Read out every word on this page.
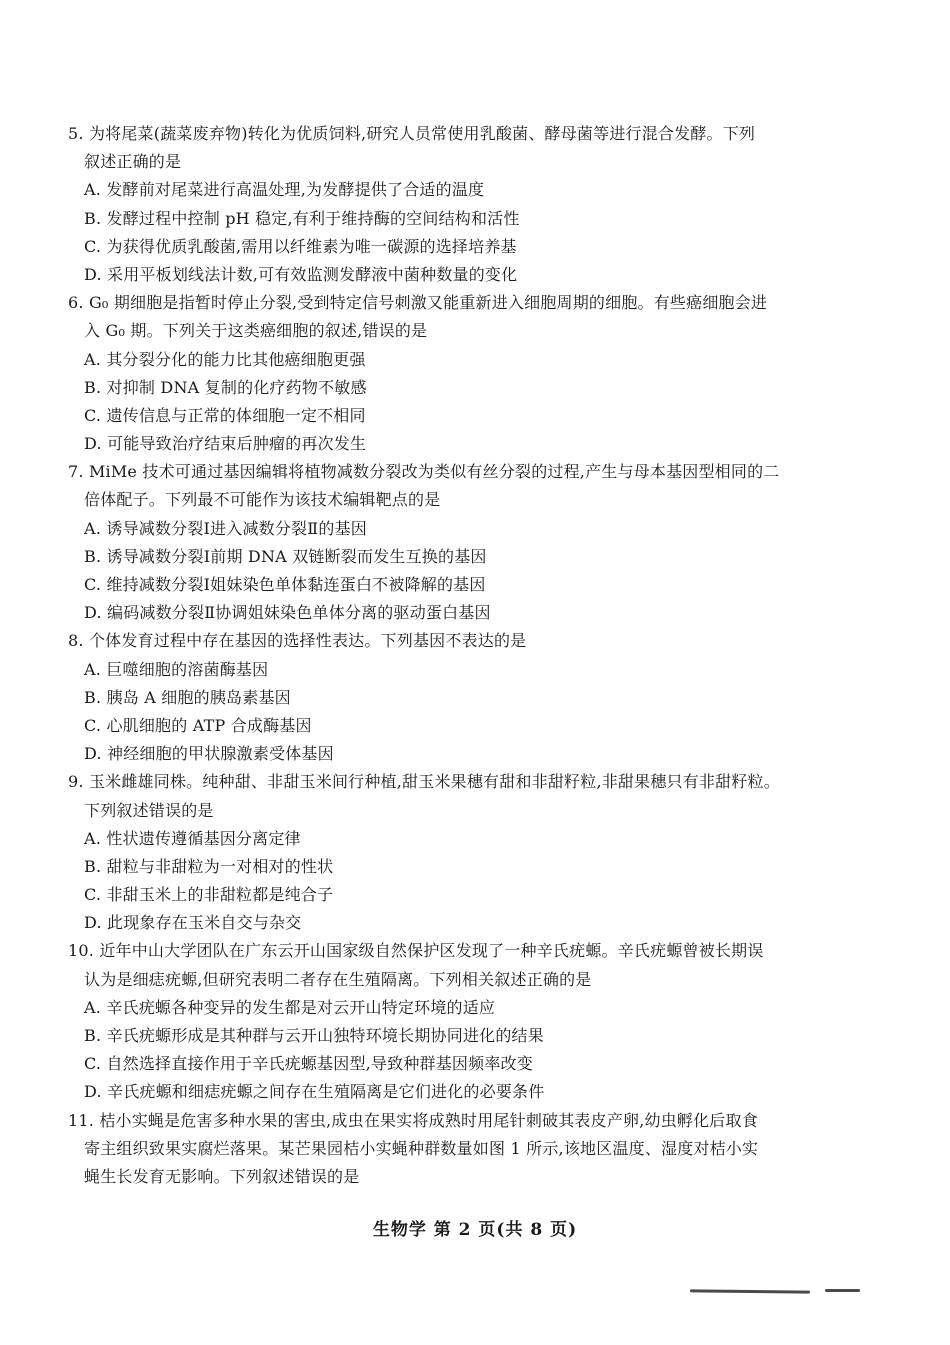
5. 为将尾菜(蔬菜废弃物)转化为优质饲料,研究人员常使用乳酸菌、酵母菌等进行混合发酵。下列
叙述正确的是
A. 发酵前对尾菜进行高温处理,为发酵提供了合适的温度
B. 发酵过程中控制 pH 稳定,有利于维持酶的空间结构和活性
C. 为获得优质乳酸菌,需用以纤维素为唯一碳源的选择培养基
D. 采用平板划线法计数,可有效监测发酵液中菌种数量的变化
6. G₀ 期细胞是指暂时停止分裂,受到特定信号刺激又能重新进入细胞周期的细胞。有些癌细胞会进
入 G₀ 期。下列关于这类癌细胞的叙述,错误的是
A. 其分裂分化的能力比其他癌细胞更强
B. 对抑制 DNA 复制的化疗药物不敏感
C. 遗传信息与正常的体细胞一定不相同
D. 可能导致治疗结束后肿瘤的再次发生
7. MiMe 技术可通过基因编辑将植物减数分裂改为类似有丝分裂的过程,产生与母本基因型相同的二
倍体配子。下列最不可能作为该技术编辑靶点的是
A. 诱导减数分裂Ⅰ进入减数分裂Ⅱ的基因
B. 诱导减数分裂Ⅰ前期 DNA 双链断裂而发生互换的基因
C. 维持减数分裂Ⅰ姐妹染色单体黏连蛋白不被降解的基因
D. 编码减数分裂Ⅱ协调姐妹染色单体分离的驱动蛋白基因
8. 个体发育过程中存在基因的选择性表达。下列基因不表达的是
A. 巨噬细胞的溶菌酶基因
B. 胰岛 A 细胞的胰岛素基因
C. 心肌细胞的 ATP 合成酶基因
D. 神经细胞的甲状腺激素受体基因
9. 玉米雌雄同株。纯种甜、非甜玉米间行种植,甜玉米果穗有甜和非甜籽粒,非甜果穗只有非甜籽粒。
下列叙述错误的是
A. 性状遗传遵循基因分离定律
B. 甜粒与非甜粒为一对相对的性状
C. 非甜玉米上的非甜粒都是纯合子
D. 此现象存在玉米自交与杂交
10. 近年中山大学团队在广东云开山国家级自然保护区发现了一种辛氏疣螈。辛氏疣螈曾被长期误
认为是细痣疣螈,但研究表明二者存在生殖隔离。下列相关叙述正确的是
A. 辛氏疣螈各种变异的发生都是对云开山特定环境的适应
B. 辛氏疣螈形成是其种群与云开山独特环境长期协同进化的结果
C. 自然选择直接作用于辛氏疣螈基因型,导致种群基因频率改变
D. 辛氏疣螈和细痣疣螈之间存在生殖隔离是它们进化的必要条件
11. 桔小实蝇是危害多种水果的害虫,成虫在果实将成熟时用尾针刺破其表皮产卵,幼虫孵化后取食
寄主组织致果实腐烂落果。某芒果园桔小实蝇种群数量如图 1 所示,该地区温度、湿度对桔小实
蝇生长发育无影响。下列叙述错误的是
生物学 第 2 页(共 8 页)
